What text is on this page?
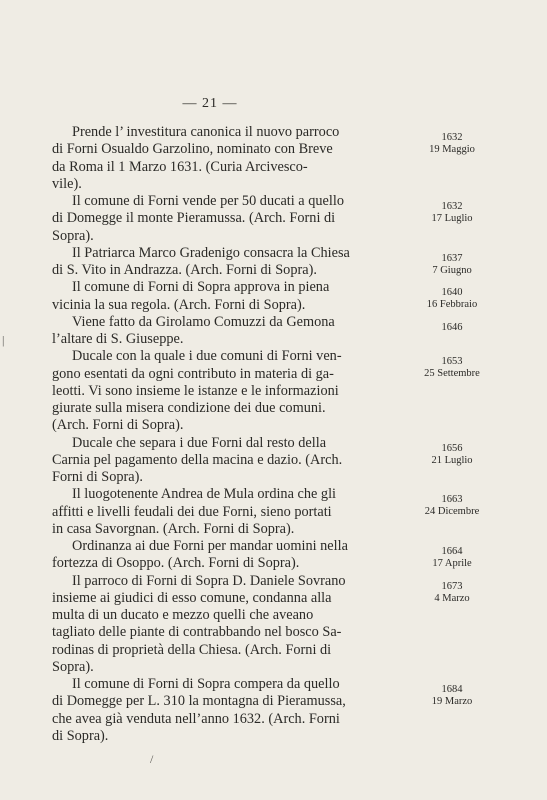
— 21 —
Prende l’ investitura canonica il nuovo parroco
di Forni Osualdo Garzolino, nominato con Breve
da Roma il 1 Marzo 1631. (Curia Arcivesco-
vile).
1632
19 Maggio
Il comune di Forni vende per 50 ducati a quello
di Domegge il monte Pieramussa. (Arch. Forni di
Sopra).
1632
17 Luglio
Il Patriarca Marco Gradenigo consacra la Chiesa
di S. Vito in Andrazza. (Arch. Forni di Sopra).
1637
7 Giugno
Il comune di Forni di Sopra approva in piena
vicinia la sua regola. (Arch. Forni di Sopra).
1640
16 Febbraio
Viene fatto da Girolamo Comuzzi da Gemona
l’altare di S. Giuseppe.
1646
Ducale con la quale i due comuni di Forni ven-
gono esentati da ogni contributo in materia di ga-
leotti. Vi sono insieme le istanze e le informazioni
giurate sulla misera condizione dei due comuni.
(Arch. Forni di Sopra).
1653
25 Settembre
Ducale che separa i due Forni dal resto della
Carnia pel pagamento della macina e dazio. (Arch.
Forni di Sopra).
1656
21 Luglio
Il luogotenente Andrea de Mula ordina che gli
affitti e livelli feudali dei due Forni, sieno portati
in casa Savorgnan. (Arch. Forni di Sopra).
1663
24 Dicembre
Ordinanza ai due Forni per mandar uomini nella
fortezza di Osoppo. (Arch. Forni di Sopra).
1664
17 Aprile
Il parroco di Forni di Sopra D. Daniele Sovrano
insieme ai giudici di esso comune, condanna alla
multa di un ducato e mezzo quelli che aveano
tagliato delle piante di contrabbando nel bosco Sa-
rodinas di proprietà della Chiesa. (Arch. Forni di
Sopra).
1673
4 Marzo
Il comune di Forni di Sopra compera da quello
di Domegge per L. 310 la montagna di Pieramussa,
che avea già venduta nell’anno 1632. (Arch. Forni
di Sopra).
1684
19 Marzo
|
/
